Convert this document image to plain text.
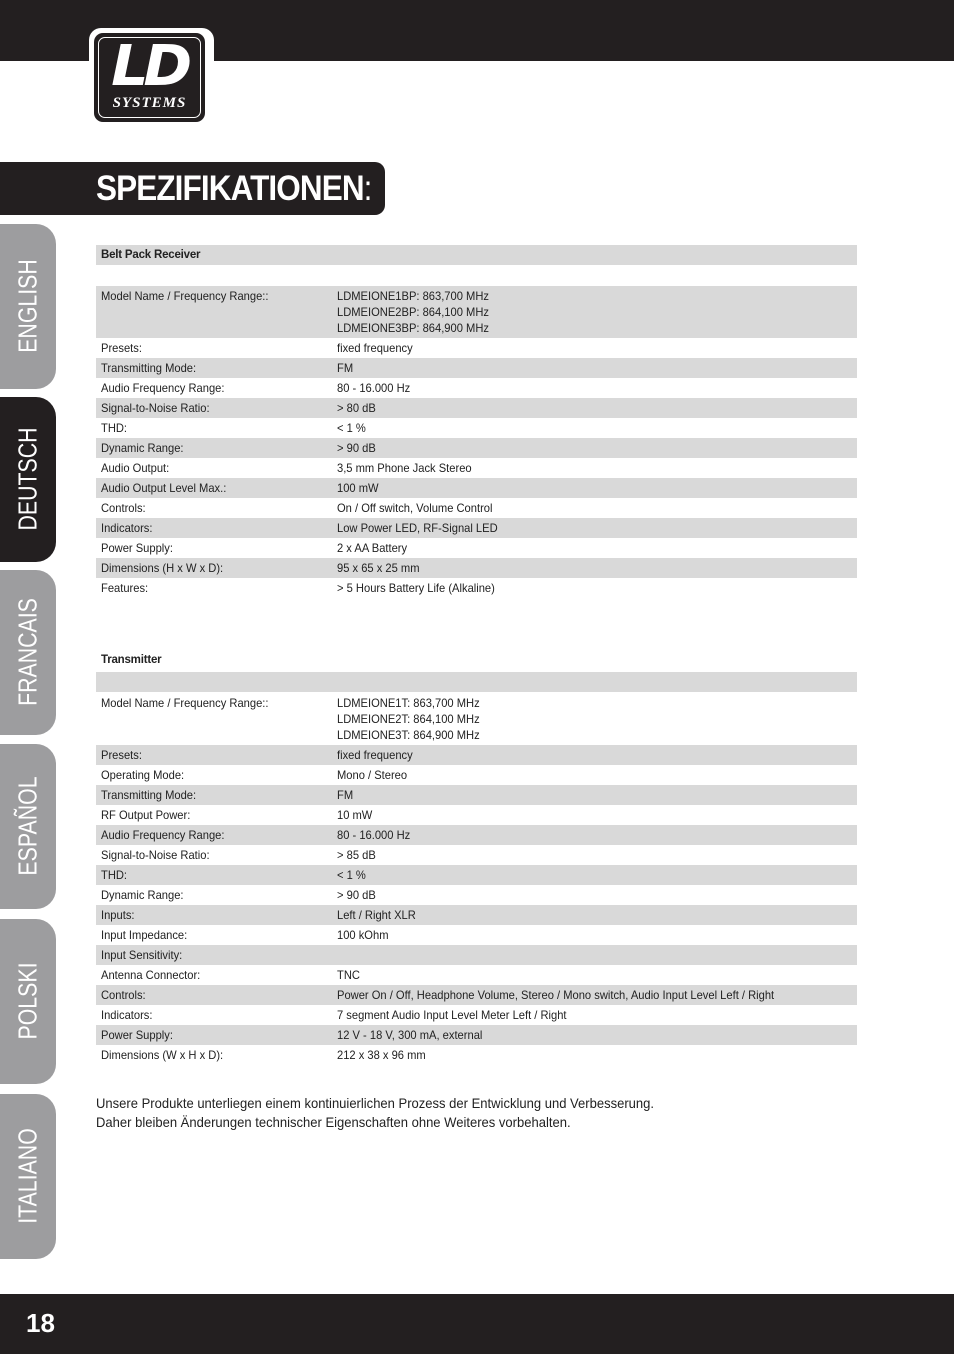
LD
SYSTEMS
SPEZIFIKATIONEN:
ENGLISH
DEUTSCH
FRANCAIS
ESPAÑOL
POLSKI
ITALIANO
Belt Pack Receiver
Model Name / Frequency Range::	LDMEIONE1BP: 863,700 MHz
LDMEIONE2BP: 864,100 MHz
LDMEIONE3BP: 864,900 MHz
Presets:	fixed frequency
Transmitting Mode:	FM
Audio Frequency Range:	80 - 16.000 Hz
Signal-to-Noise Ratio:	> 80 dB
THD:	< 1 %
Dynamic Range:	> 90 dB
Audio Output:	3,5 mm Phone Jack Stereo
Audio Output Level Max.:	100 mW
Controls:	On / Off switch, Volume Control
Indicators:	Low Power LED, RF-Signal LED
Power Supply:	2 x AA Battery
Dimensions (H x W x D):	95 x 65 x 25 mm
Features:	> 5 Hours Battery Life (Alkaline)
Transmitter
Model Name / Frequency Range::	LDMEIONE1T: 863,700 MHz
LDMEIONE2T: 864,100 MHz
LDMEIONE3T: 864,900 MHz
Presets:	fixed frequency
Operating Mode:	Mono / Stereo
Transmitting Mode:	FM
RF Output Power:	10 mW
Audio Frequency Range:	80 - 16.000 Hz
Signal-to-Noise Ratio:	> 85 dB
THD:	< 1 %
Dynamic Range:	> 90 dB
Inputs:	Left / Right XLR
Input Impedance:	100 kOhm
Input Sensitivity:
Antenna Connector:	TNC
Controls:	Power On / Off, Headphone Volume, Stereo / Mono switch, Audio Input Level Left / Right
Indicators:	7 segment Audio Input Level Meter Left / Right
Power Supply:	12 V - 18 V, 300 mA, external
Dimensions (W x H x D):	212 x 38 x 96 mm
Unsere Produkte unterliegen einem kontinuierlichen Prozess der Entwicklung und Verbesserung.
Daher bleiben Änderungen technischer Eigenschaften ohne Weiteres vorbehalten.
18
